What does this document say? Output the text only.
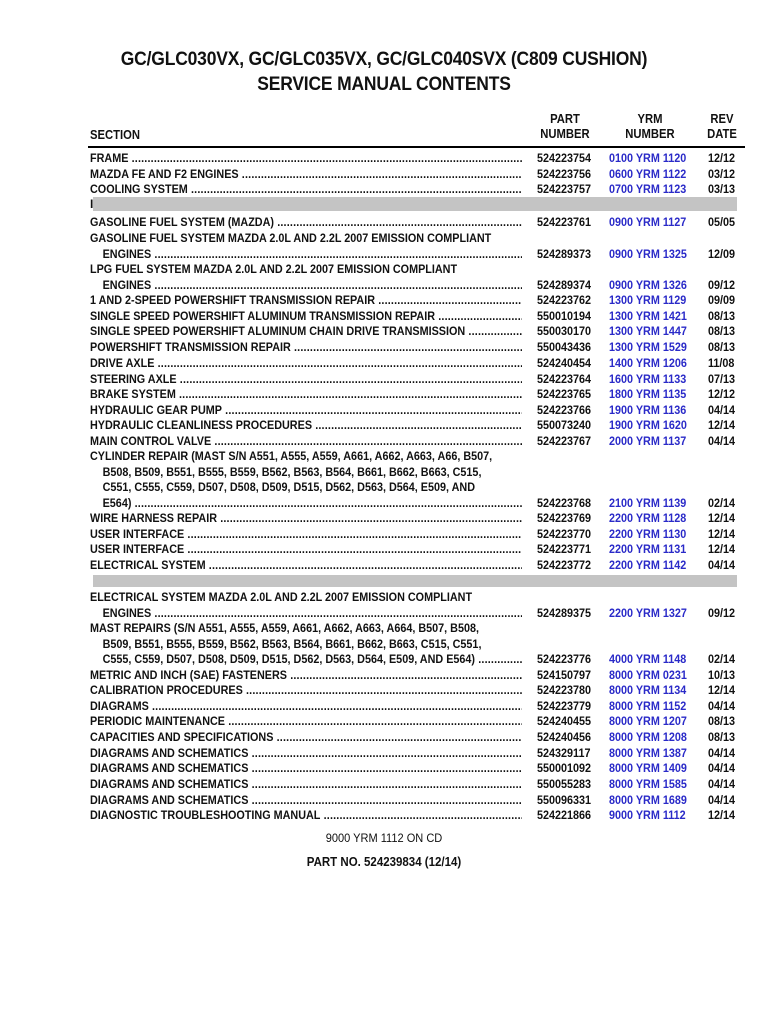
GC/GLC030VX, GC/GLC035VX, GC/GLC040SVX (C809 CUSHION)
SERVICE MANUAL CONTENTS
SECTION
PART
NUMBER
YRM
NUMBER
REV
DATE
I
FRAME .....	524223754 0100 YRM 1120 12/12
MAZDA FE AND F2 ENGINES .....	524223756 0600 YRM 1122 03/12
COOLING SYSTEM .....	524223757 0700 YRM 1123 03/13
GASOLINE FUEL SYSTEM (MAZDA) .....	524223761 0900 YRM 1127 05/05
GASOLINE FUEL SYSTEM MAZDA 2.0L AND 2.2L 2007 EMISSION COMPLIANT
ENGINES .....	524289373 0900 YRM 1325 12/09
LPG FUEL SYSTEM MAZDA 2.0L AND 2.2L 2007 EMISSION COMPLIANT
ENGINES .....	524289374 0900 YRM 1326 09/12
1 AND 2-SPEED POWERSHIFT TRANSMISSION REPAIR .....	524223762 1300 YRM 1129 09/09
SINGLE SPEED POWERSHIFT ALUMINUM TRANSMISSION REPAIR .....	550010194 1300 YRM 1421 08/13
SINGLE SPEED POWERSHIFT ALUMINUM CHAIN DRIVE TRANSMISSION .....	550030170 1300 YRM 1447 08/13
POWERSHIFT TRANSMISSION REPAIR .....	550043436 1300 YRM 1529 08/13
DRIVE AXLE .....	524240454 1400 YRM 1206 11/08
STEERING AXLE .....	524223764 1600 YRM 1133 07/13
BRAKE SYSTEM .....	524223765 1800 YRM 1135 12/12
HYDRAULIC GEAR PUMP .....	524223766 1900 YRM 1136 04/14
HYDRAULIC CLEANLINESS PROCEDURES .....	550073240 1900 YRM 1620 12/14
MAIN CONTROL VALVE .....	524223767 2000 YRM 1137 04/14
CYLINDER REPAIR (MAST S/N A551, A555, A559, A661, A662, A663, A66, B507,
B508, B509, B551, B555, B559, B562, B563, B564, B661, B662, B663, C515,
C551, C555, C559, D507, D508, D509, D515, D562, D563, D564, E509, AND
E564) .....	524223768 2100 YRM 1139 02/14
WIRE HARNESS REPAIR .....	524223769 2200 YRM 1128 12/14
USER INTERFACE .....	524223770 2200 YRM 1130 12/14
USER INTERFACE .....	524223771 2200 YRM 1131 12/14
ELECTRICAL SYSTEM .....	524223772 2200 YRM 1142 04/14
ELECTRICAL SYSTEM MAZDA 2.0L AND 2.2L 2007 EMISSION COMPLIANT
ENGINES .....	524289375 2200 YRM 1327 09/12
MAST REPAIRS (S/N A551, A555, A559, A661, A662, A663, A664, B507, B508,
B509, B551, B555, B559, B562, B563, B564, B661, B662, B663, C515, C551,
C555, C559, D507, D508, D509, D515, D562, D563, D564, E509, AND E564) .....	524223776 4000 YRM 1148 02/14
METRIC AND INCH (SAE) FASTENERS .....	524150797 8000 YRM 0231 10/13
CALIBRATION PROCEDURES .....	524223780 8000 YRM 1134 12/14
DIAGRAMS .....	524223779 8000 YRM 1152 04/14
PERIODIC MAINTENANCE .....	524240455 8000 YRM 1207 08/13
CAPACITIES AND SPECIFICATIONS .....	524240456 8000 YRM 1208 08/13
DIAGRAMS AND SCHEMATICS .....	524329117	8000 YRM 1387 04/14
DIAGRAMS AND SCHEMATICS .....	550001092 8000 YRM 1409 04/14
DIAGRAMS AND SCHEMATICS .....	550055283 8000 YRM 1585 04/14
DIAGRAMS AND SCHEMATICS .....	550096331 8000 YRM 1689 04/14
DIAGNOSTIC TROUBLESHOOTING MANUAL .....	524221866 9000 YRM 1112 12/14
9000 YRM 1112 ON CD
PART NO. 524239834 (12/14)
